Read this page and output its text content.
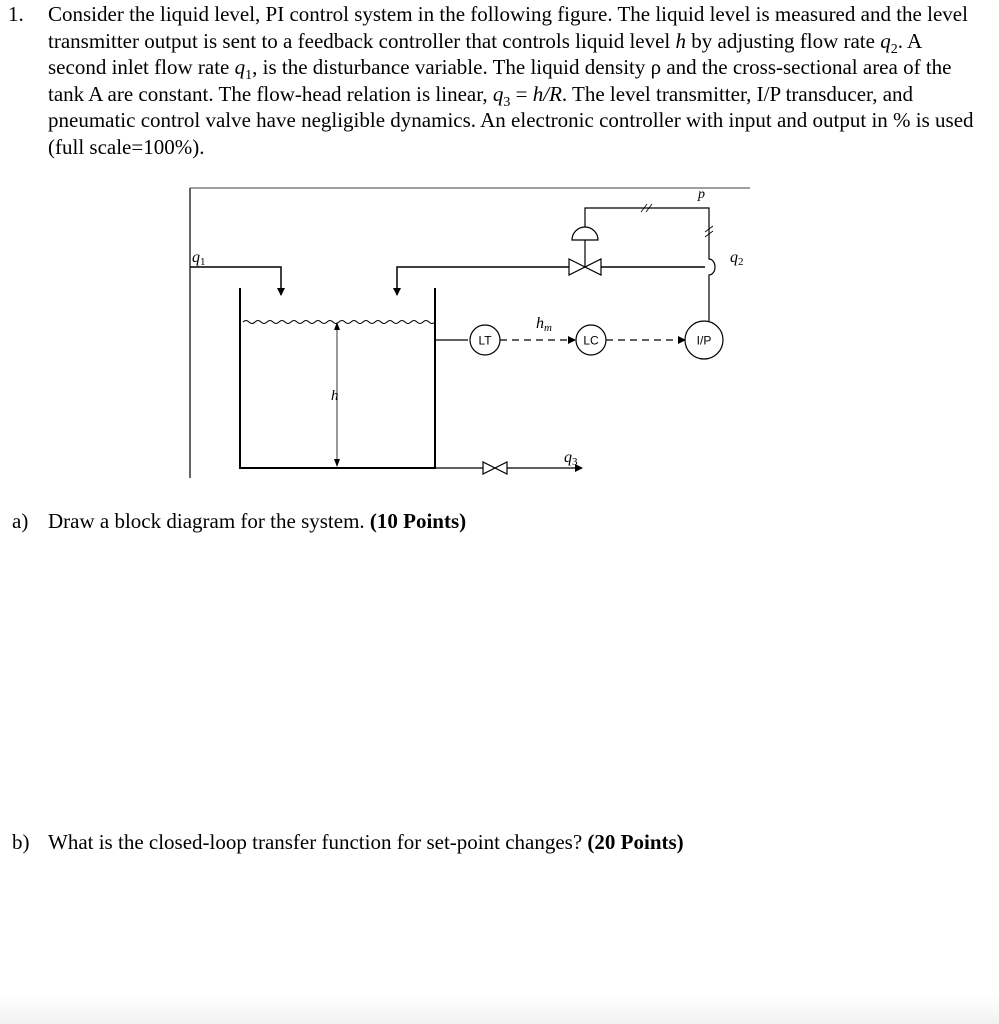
1. Consider the liquid level, PI control system in the following figure. The liquid level is measured and the level transmitter output is sent to a feedback controller that controls liquid level h by adjusting flow rate $q_2$. A second inlet flow rate $q_1$, is the disturbance variable. The liquid density ρ and the cross-sectional area of the tank A are constant. The flow-head relation is linear, $q_3 = h/R$. The level transmitter, I/P transducer, and pneumatic control valve have negligible dynamics. An electronic controller with input and output in % is used (full scale=100%).
LT	LC	I/P
q1	q2
q3
h
hm
p
a) Draw a block diagram for the system. (10 Points)
b) What is the closed-loop transfer function for set-point changes? (20 Points)
